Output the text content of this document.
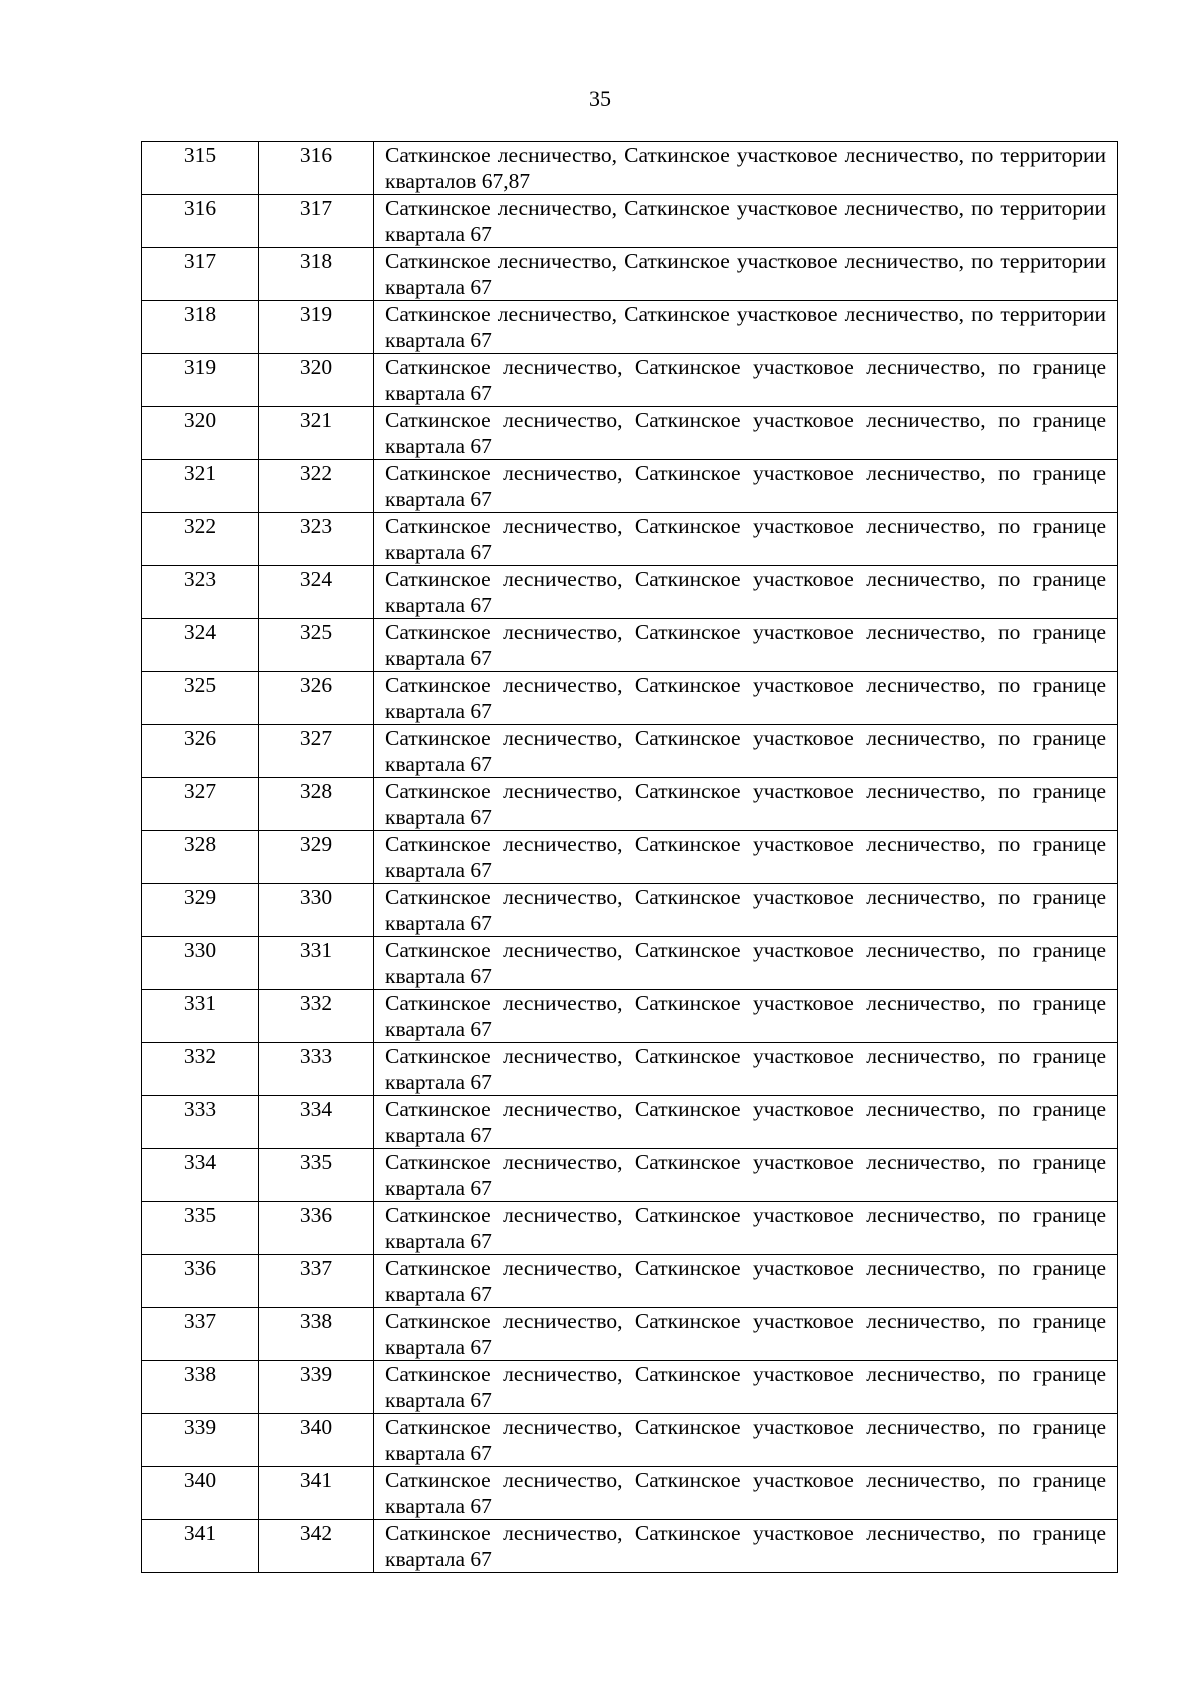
35
315	316	Саткинское лесничество, Саткинское участковое лесничество, по территории кварталов 67,87
316	317	Саткинское лесничество, Саткинское участковое лесничество, по территории квартала 67
317	318	Саткинское лесничество, Саткинское участковое лесничество, по территории квартала 67
318	319	Саткинское лесничество, Саткинское участковое лесничество, по территории квартала 67
319	320	Саткинское лесничество, Саткинское участковое лесничество, по границе квартала 67
320	321	Саткинское лесничество, Саткинское участковое лесничество, по границе квартала 67
321	322	Саткинское лесничество, Саткинское участковое лесничество, по границе квартала 67
322	323	Саткинское лесничество, Саткинское участковое лесничество, по границе квартала 67
323	324	Саткинское лесничество, Саткинское участковое лесничество, по границе квартала 67
324	325	Саткинское лесничество, Саткинское участковое лесничество, по границе квартала 67
325	326	Саткинское лесничество, Саткинское участковое лесничество, по границе квартала 67
326	327	Саткинское лесничество, Саткинское участковое лесничество, по границе квартала 67
327	328	Саткинское лесничество, Саткинское участковое лесничество, по границе квартала 67
328	329	Саткинское лесничество, Саткинское участковое лесничество, по границе квартала 67
329	330	Саткинское лесничество, Саткинское участковое лесничество, по границе квартала 67
330	331	Саткинское лесничество, Саткинское участковое лесничество, по границе квартала 67
331	332	Саткинское лесничество, Саткинское участковое лесничество, по границе квартала 67
332	333	Саткинское лесничество, Саткинское участковое лесничество, по границе квартала 67
333	334	Саткинское лесничество, Саткинское участковое лесничество, по границе квартала 67
334	335	Саткинское лесничество, Саткинское участковое лесничество, по границе квартала 67
335	336	Саткинское лесничество, Саткинское участковое лесничество, по границе квартала 67
336	337	Саткинское лесничество, Саткинское участковое лесничество, по границе квартала 67
337	338	Саткинское лесничество, Саткинское участковое лесничество, по границе квартала 67
338	339	Саткинское лесничество, Саткинское участковое лесничество, по границе квартала 67
339	340	Саткинское лесничество, Саткинское участковое лесничество, по границе квартала 67
340	341	Саткинское лесничество, Саткинское участковое лесничество, по границе квартала 67
341	342	Саткинское лесничество, Саткинское участковое лесничество, по границе квартала 67
